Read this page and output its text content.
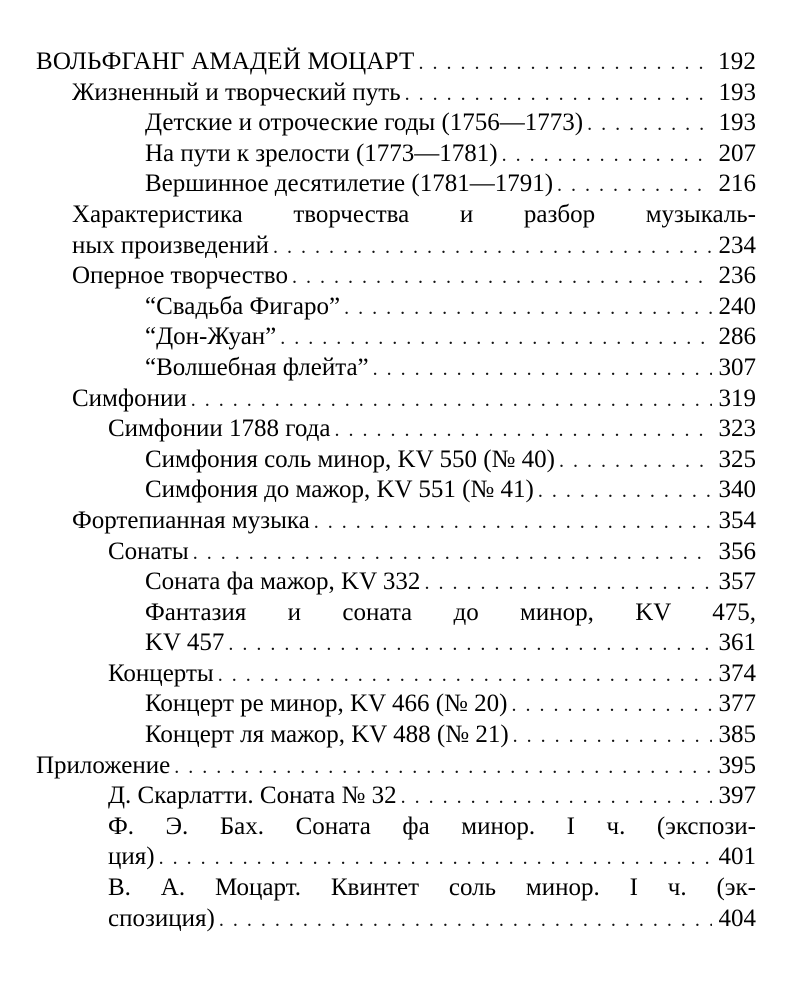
ВОЛЬФГАНГ АМАДЕЙ МОЦАРТ . . .	192
Жизненный и творческий путь . . .	193
Детские и отроческие годы (1756—1773) . . .	193
На пути к зрелости (1773—1781) . . .	207
Вершинное десятилетие (1781—1791) . . .	216
Характеристика творчества и разбор музыкаль-
ных произведений . . .	234
Оперное творчество . . .	236
“Свадьба Фигаро” . . .	240
“Дон-Жуан” . . .	286
“Волшебная флейта” . . .	307
Симфонии . . .	319
Симфонии 1788 года . . .	323
Симфония соль минор, KV 550 (№ 40) . . .	325
Симфония до мажор, KV 551 (№ 41) . . .	340
Фортепианная музыка . . .	354
Сонаты . . .	356
Соната фа мажор, KV 332 . . .	357
Фантазия и соната до минор, KV 475,
KV 457 . . .	361
Концерты . . .	374
Концерт ре минор, KV 466 (№ 20) . . .	377
Концерт ля мажор, KV 488 (№ 21) . . .	385
Приложение . . .	395
Д. Скарлатти. Соната № 32 . . .	397
Ф. Э. Бах. Соната фа минор. I ч. (экспози-
ция) . . .	401
В. А. Моцарт. Квинтет соль минор. I ч. (эк-
спозиция) . . .	404
